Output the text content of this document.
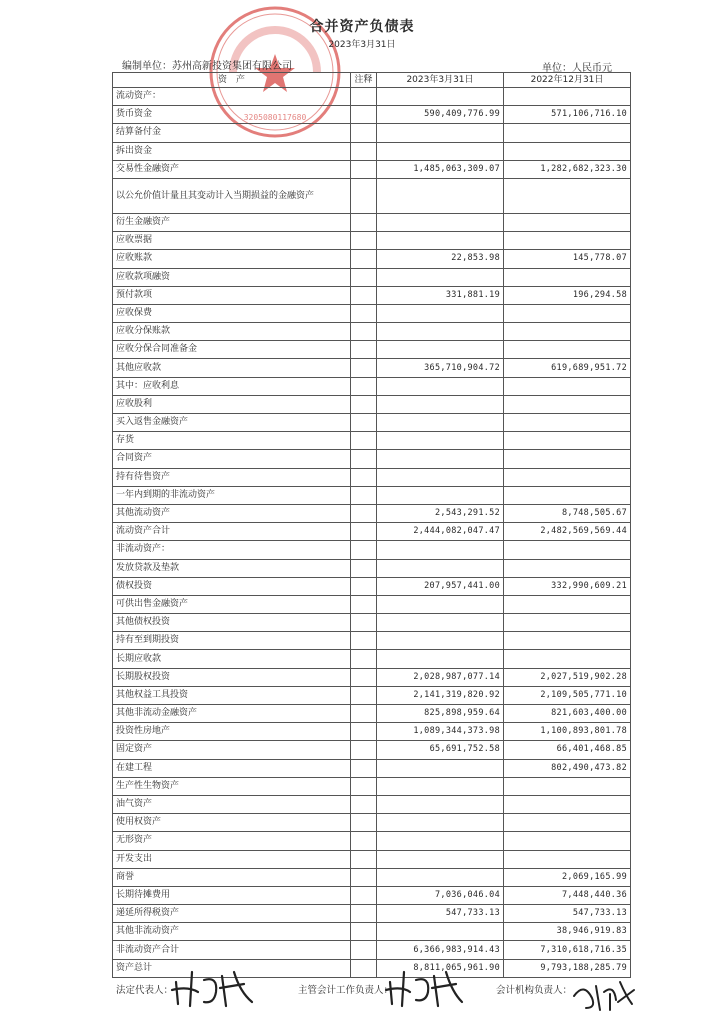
3205080117680
合并资产负债表
2023年3月31日
编制单位：苏州高新投资集团有限公司	单位：人民币元
资　产	注释	2023年3月31日	2022年12月31日
流动资产：			
货币资金		590,409,776.99	571,106,716.10
结算备付金			
拆出资金			
交易性金融资产		1,485,063,309.07	1,282,682,323.30
以公允价值计量且其变动计入当期损益的金融资产			
衍生金融资产			
应收票据			
应收账款		22,853.98	145,778.07
应收款项融资			
预付款项		331,881.19	196,294.58
应收保费			
应收分保账款			
应收分保合同准备金			
其他应收款		365,710,904.72	619,689,951.72
其中：应收利息			
应收股利			
买入返售金融资产			
存货			
合同资产			
持有待售资产			
一年内到期的非流动资产			
其他流动资产		2,543,291.52	8,748,505.67
流动资产合计		2,444,082,047.47	2,482,569,569.44
非流动资产：			
发放贷款及垫款			
债权投资		207,957,441.00	332,990,609.21
可供出售金融资产			
其他债权投资			
持有至到期投资			
长期应收款			
长期股权投资		2,028,987,077.14	2,027,519,902.28
其他权益工具投资		2,141,319,820.92	2,109,505,771.10
其他非流动金融资产		825,898,959.64	821,603,400.00
投资性房地产		1,089,344,373.98	1,100,893,801.78
固定资产		65,691,752.58	66,401,468.85
在建工程			802,490,473.82
生产性生物资产			
油气资产			
使用权资产			
无形资产			
开发支出			
商誉			2,069,165.99
长期待摊费用		7,036,046.04	7,448,440.36
递延所得税资产		547,733.13	547,733.13
其他非流动资产			38,946,919.83
非流动资产合计		6,366,983,914.43	7,310,618,716.35
资产总计		8,811,065,961.90	9,793,188,285.79
法定代表人：	主管会计工作负责人：	会计机构负责人：
